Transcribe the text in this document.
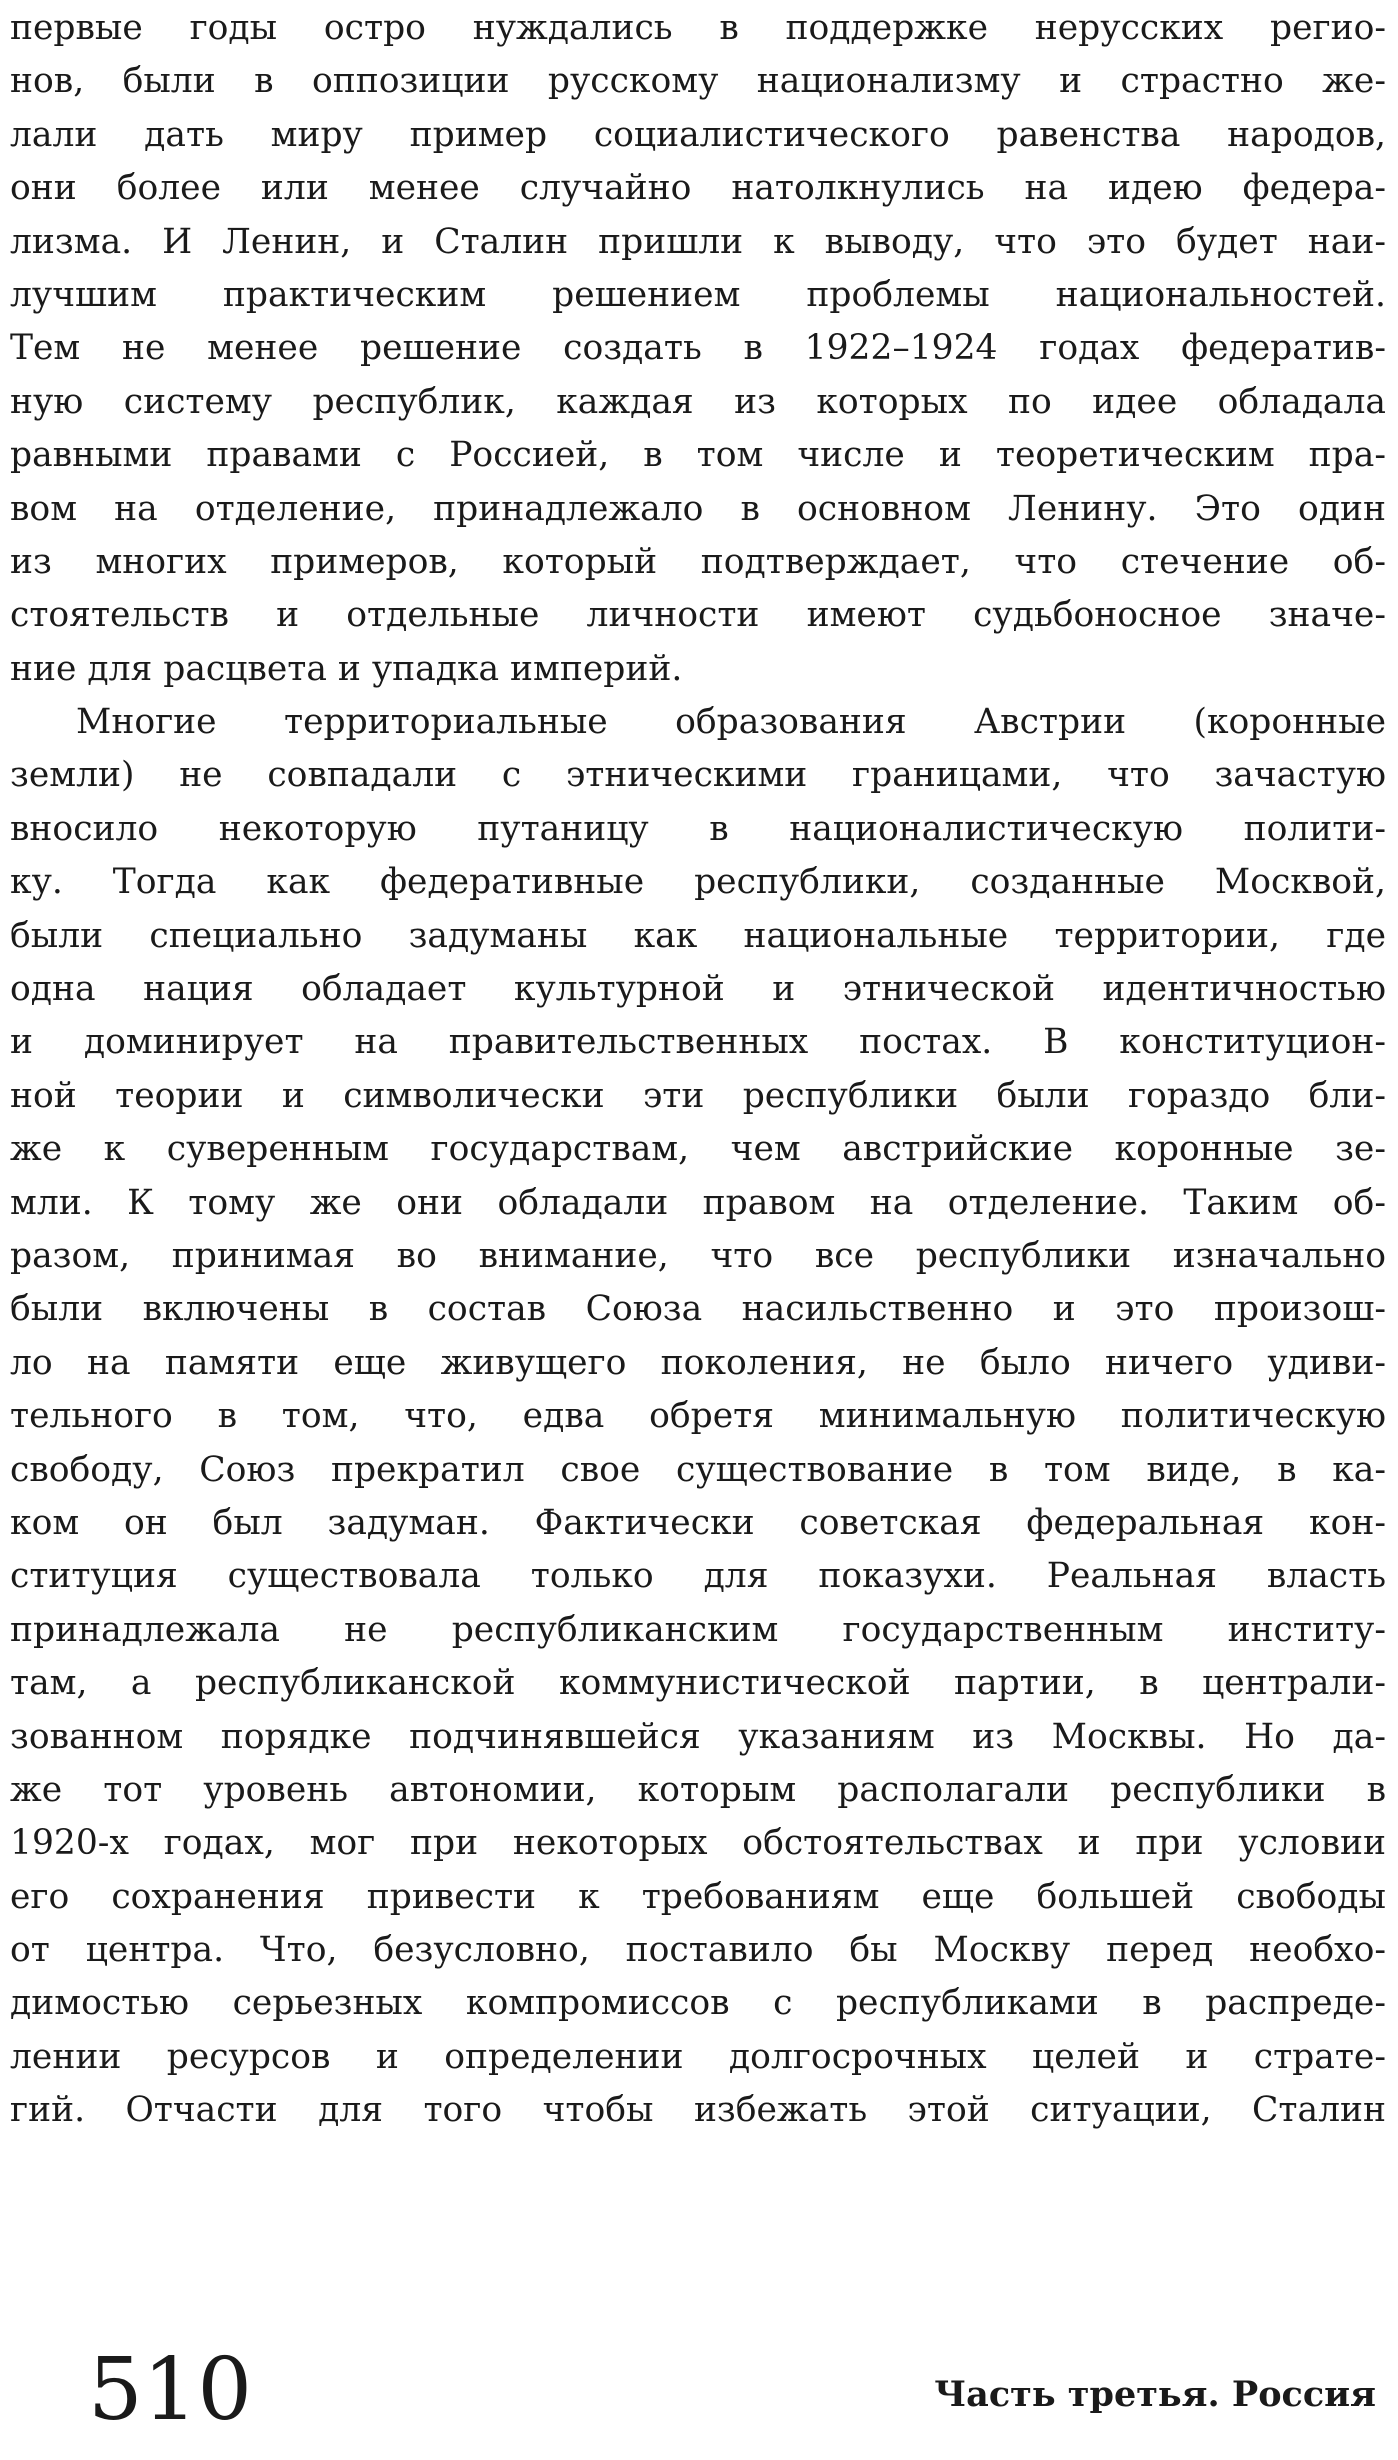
первые годы остро нуждались в поддержке нерусских регио-
нов, были в оппозиции русскому национализму и страстно же-
лали дать миру пример социалистического равенства народов,
они более или менее случайно натолкнулись на идею федера-
лизма. И Ленин, и Сталин пришли к выводу, что это будет наи-
лучшим практическим решением проблемы национальностей.
Тем не менее решение создать в 1922–1924 годах федератив-
ную систему республик, каждая из которых по идее обладала
равными правами с Россией, в том числе и теоретическим пра-
вом на отделение, принадлежало в основном Ленину. Это один
из многих примеров, который подтверждает, что стечение об-
стоятельств и отдельные личности имеют судьбоносное значе-
ние для расцвета и упадка империй.
Многие территориальные образования Австрии (коронные
земли) не совпадали с этническими границами, что зачастую
вносило некоторую путаницу в националистическую полити-
ку. Тогда как федеративные республики, созданные Москвой,
были специально задуманы как национальные территории, где
одна нация обладает культурной и этнической идентичностью
и доминирует на правительственных постах. В конституцион-
ной теории и символически эти республики были гораздо бли-
же к суверенным государствам, чем австрийские коронные зе-
мли. К тому же они обладали правом на отделение. Таким об-
разом, принимая во внимание, что все республики изначально
были включены в состав Союза насильственно и это произош-
ло на памяти еще живущего поколения, не было ничего удиви-
тельного в том, что, едва обретя минимальную политическую
свободу, Союз прекратил свое существование в том виде, в ка-
ком он был задуман. Фактически советская федеральная кон-
ституция существовала только для показухи. Реальная власть
принадлежала не республиканским государственным институ-
там, а республиканской коммунистической партии, в централи-
зованном порядке подчинявшейся указаниям из Москвы. Но да-
же тот уровень автономии, которым располагали республики в
1920-х годах, мог при некоторых обстоятельствах и при условии
его сохранения привести к требованиям еще большей свободы
от центра. Что, безусловно, поставило бы Москву перед необхо-
димостью серьезных компромиссов с республиками в распреде-
лении ресурсов и определении долгосрочных целей и страте-
гий. Отчасти для того чтобы избежать этой ситуации, Сталин
510	Часть третья. Россия
